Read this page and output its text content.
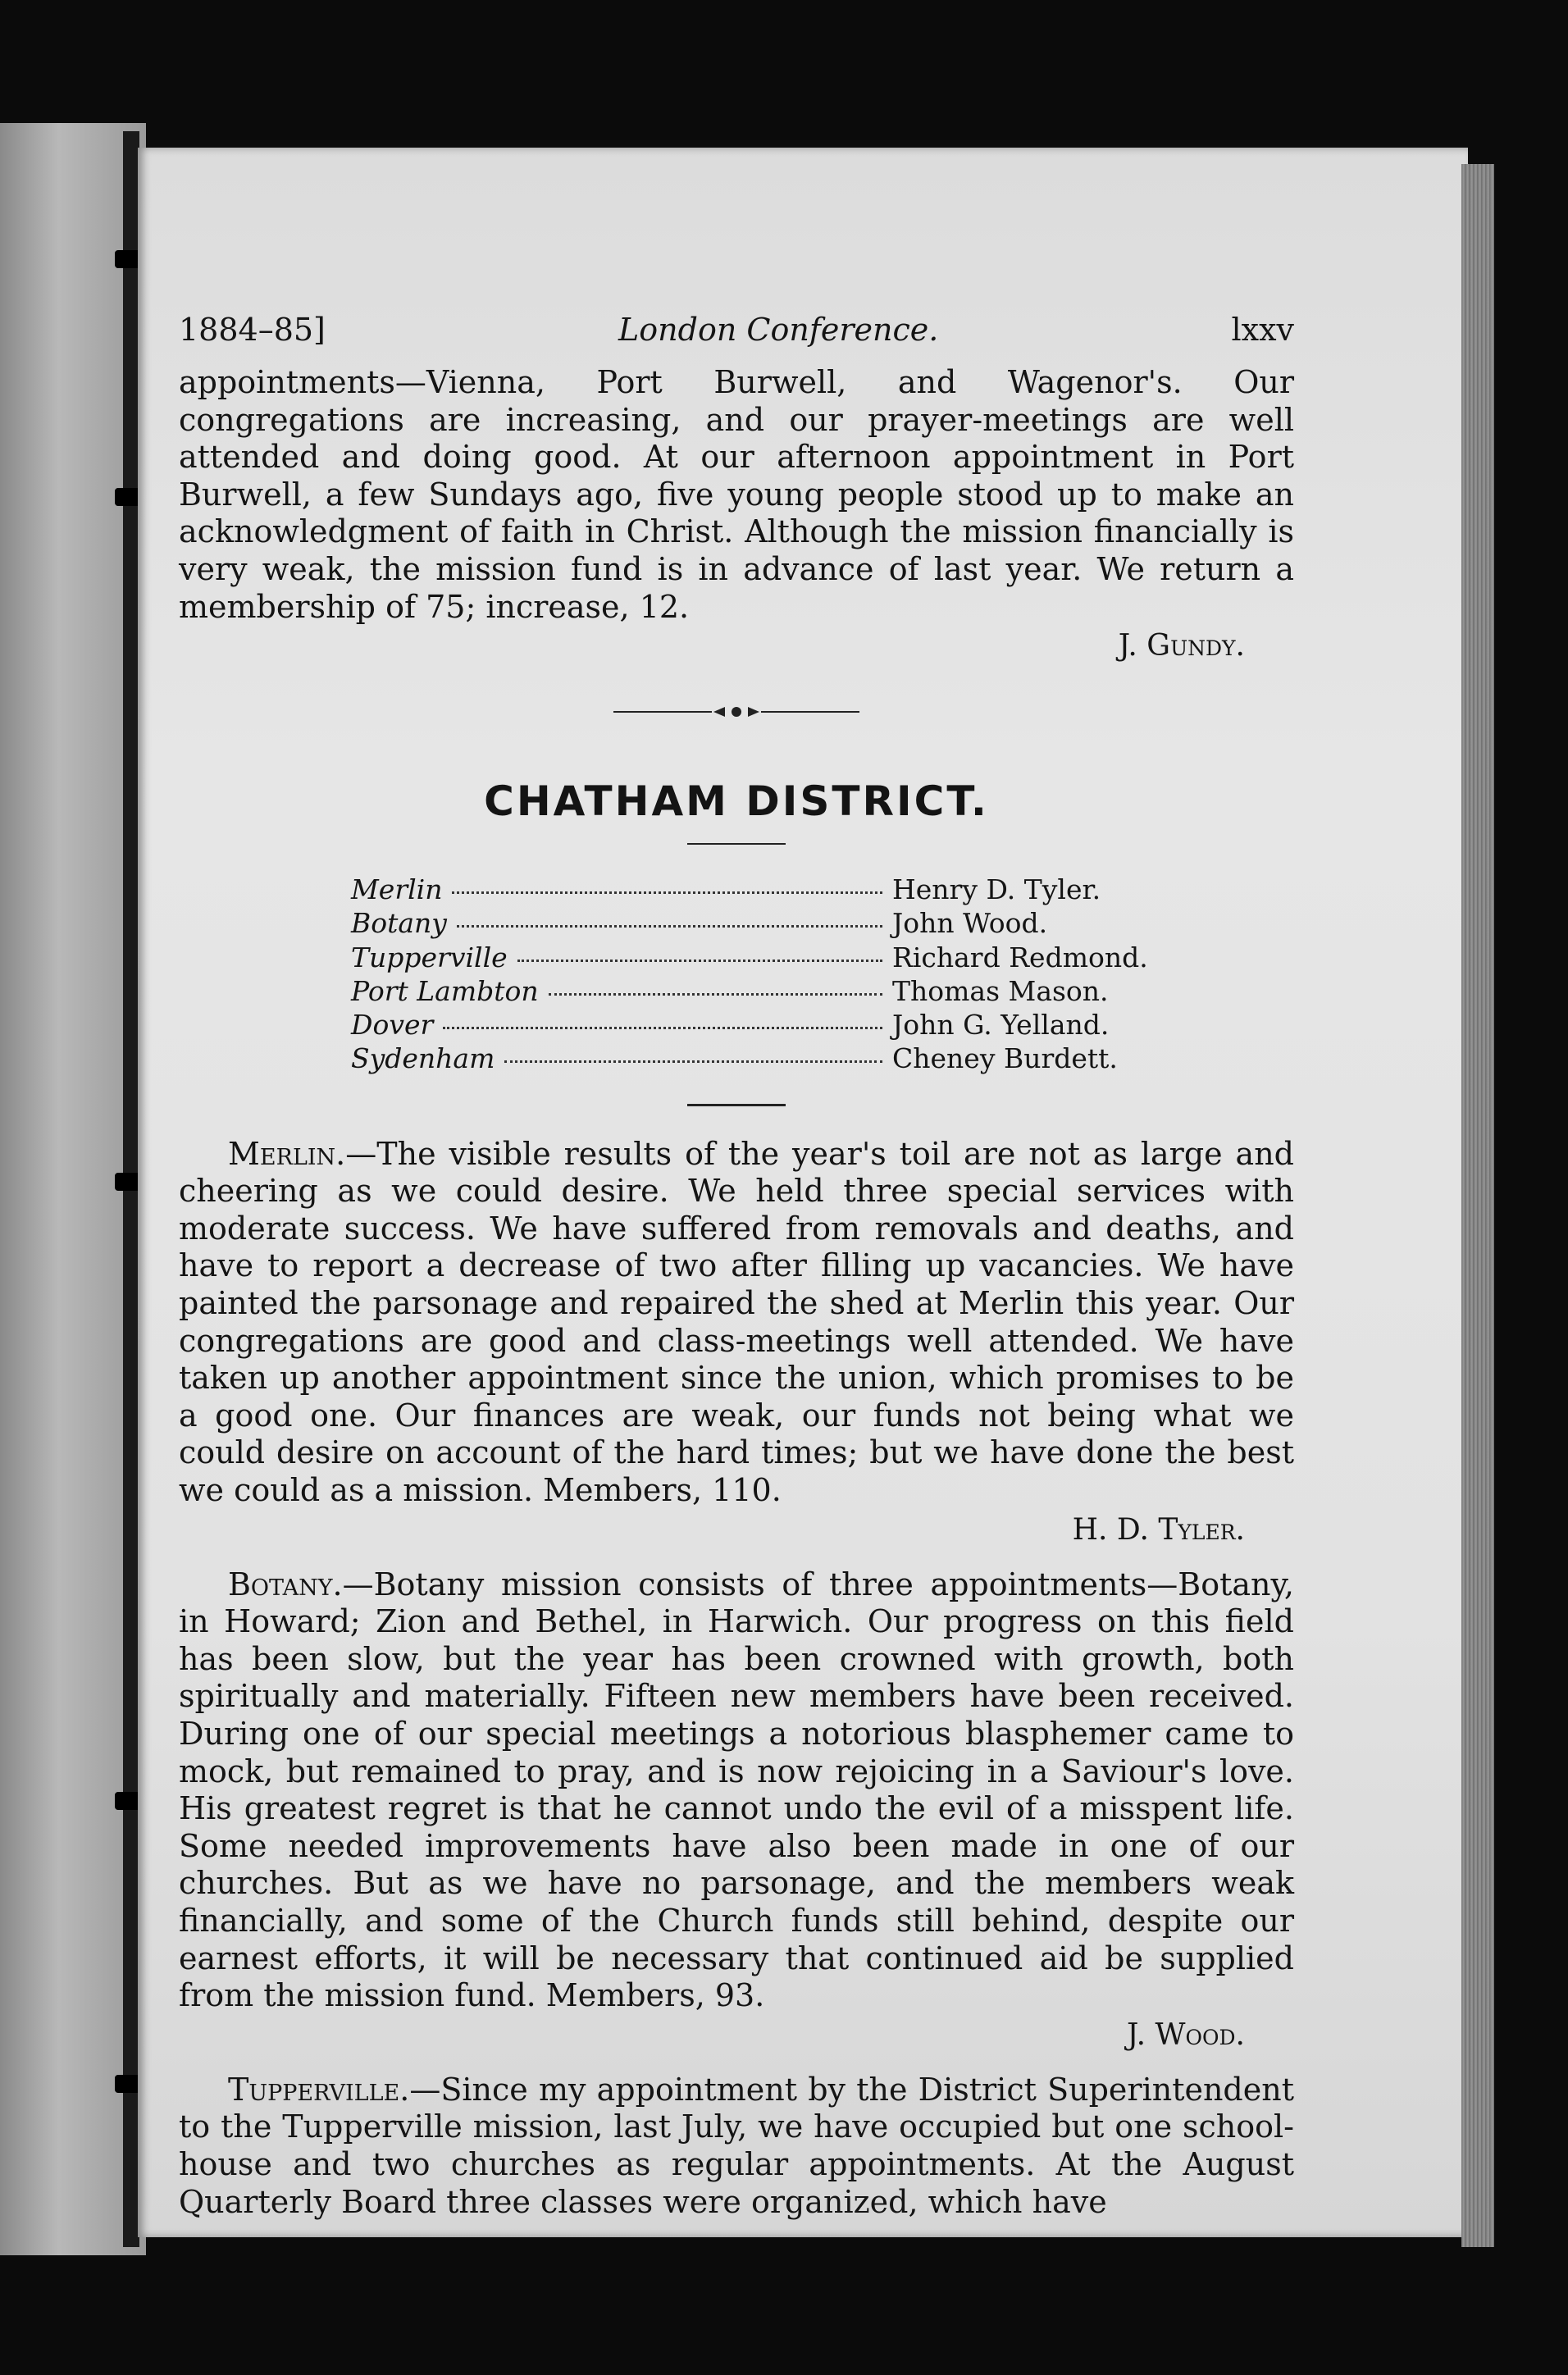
1884–85]	London Conference.	lxxv

appointments—Vienna, Port Burwell, and Wagenor's. Our congregations are increasing, and our prayer-meetings are well attended and doing good. At our afternoon appointment in Port Burwell, a few Sundays ago, five young people stood up to make an acknowledgment of faith in Christ. Although the mission financially is very weak, the mission fund is in advance of last year. We return a membership of 75; increase, 12.

J. Gundy.
CHATHAM DISTRICT.
Merlin	Henry D. Tyler.
Botany	John Wood.
Tupperville	Richard Redmond.
Port Lambton	Thomas Mason.
Dover	John G. Yelland.
Sydenham	Cheney Burdett.

Merlin.—The visible results of the year's toil are not as large and cheering as we could desire. We held three special services with moderate success. We have suffered from removals and deaths, and have to report a decrease of two after filling up vacancies. We have painted the parsonage and repaired the shed at Merlin this year. Our congregations are good and class-meetings well attended. We have taken up another appointment since the union, which promises to be a good one. Our finances are weak, our funds not being what we could desire on account of the hard times; but we have done the best we could as a mission. Members, 110.

H. D. Tyler.

Botany.—Botany mission consists of three appointments—Botany, in Howard; Zion and Bethel, in Harwich. Our progress on this field has been slow, but the year has been crowned with growth, both spiritually and materially. Fifteen new members have been received. During one of our special meetings a notorious blasphemer came to mock, but remained to pray, and is now rejoicing in a Saviour's love. His greatest regret is that he cannot undo the evil of a misspent life. Some needed improvements have also been made in one of our churches. But as we have no parsonage, and the members weak financially, and some of the Church funds still behind, despite our earnest efforts, it will be necessary that continued aid be supplied from the mission fund. Members, 93.

J. Wood.

Tupperville.—Since my appointment by the District Superintendent to the Tupperville mission, last July, we have occupied but one school-house and two churches as regular appointments. At the August Quarterly Board three classes were organized, which have
